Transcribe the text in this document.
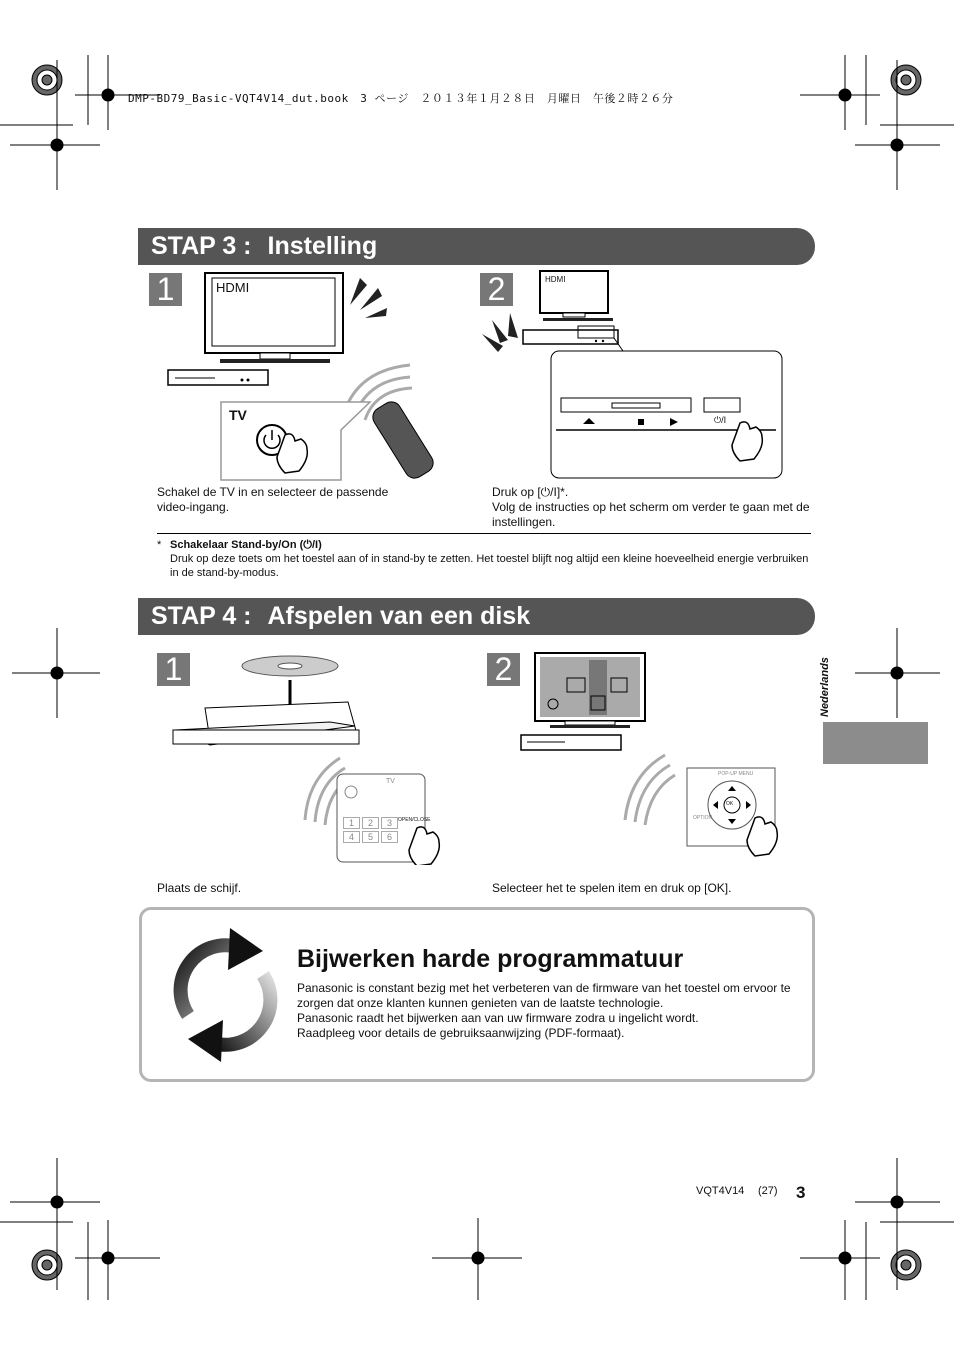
DMP-BD79_Basic-VQT4V14_dut.book　3 ページ　２０１３年１月２８日　月曜日　午後２時２６分
STAP 3 : Instelling
1	2
HDMI
TV
HDMI
⏻/I
Schakel de TV in en selecteer de passende video-ingang.
Druk op [⏻/I]*.
Volg de instructies op het scherm om verder te gaan met de instellingen.
* Schakelaar Stand-by/On (⏻/I)
Druk op deze toets om het toestel aan of in stand-by te zetten. Het toestel blijft nog altijd een kleine hoeveelheid energie verbruiken in de stand-by-modus.
STAP 4 : Afspelen van een disk
1	2
TV
OPEN/CLOSE
1	2	3
4	5	6
OK
POP-UP MENU
OPTION
Plaats de schijf.	Selecteer het te spelen item en druk op [OK].
Nederlands
Bijwerken harde programmatuur

Panasonic is constant bezig met het verbeteren van de firmware van het toestel om ervoor te zorgen dat onze klanten kunnen genieten van de laatste technologie.

Panasonic raadt het bijwerken aan van uw firmware zodra u ingelicht wordt.

Raadpleeg voor details de gebruiksaanwijzing (PDF-formaat).

VQT4V14 (27) 3
